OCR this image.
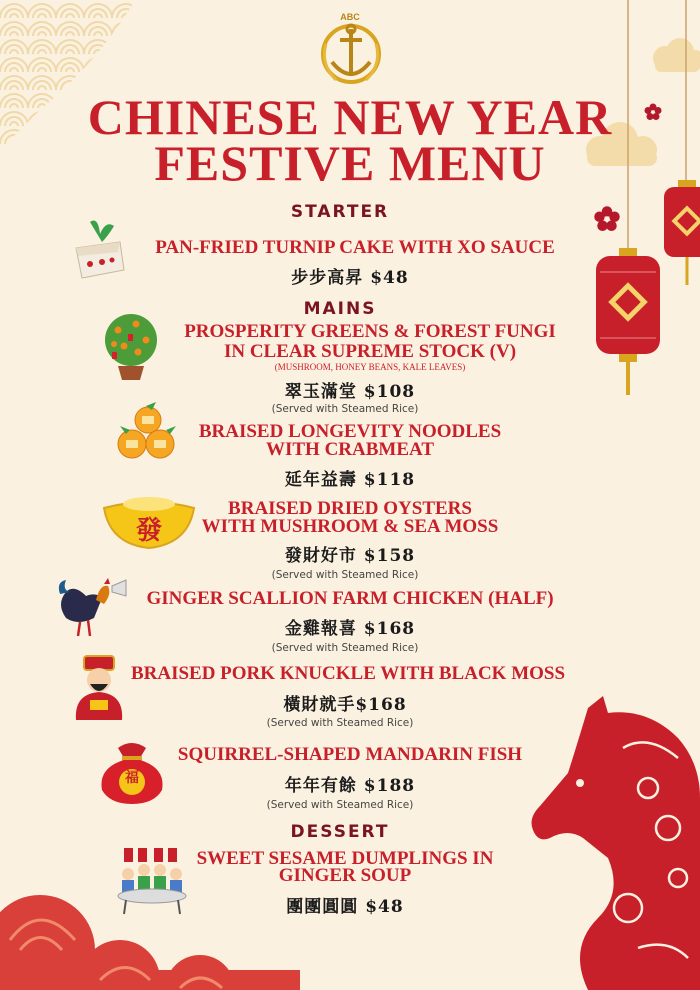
ABC
CHINESE NEW YEAR
FESTIVE MENU
STARTER
PAN-FRIED TURNIP CAKE WITH XO SAUCE
步步高昇 $48
MAINS
PROSPERITY GREENS & FOREST FUNGI
IN CLEAR SUPREME STOCK (V)
(MUSHROOM, HONEY BEANS, KALE LEAVES)
翠玉滿堂 $108
(Served with Steamed Rice)
BRAISED LONGEVITY NOODLES
WITH CRABMEAT
延年益壽 $118
發
BRAISED DRIED OYSTERS
WITH MUSHROOM & SEA MOSS
發財好市 $158
(Served with Steamed Rice)
GINGER SCALLION FARM CHICKEN (HALF)
金雞報喜 $168
(Served with Steamed Rice)
BRAISED PORK KNUCKLE WITH BLACK MOSS
橫財就手$168
(Served with Steamed Rice)
福
SQUIRREL-SHAPED MANDARIN FISH
年年有餘 $188
(Served with Steamed Rice)
DESSERT
SWEET SESAME DUMPLINGS IN
GINGER SOUP
團團圓圓 $48
